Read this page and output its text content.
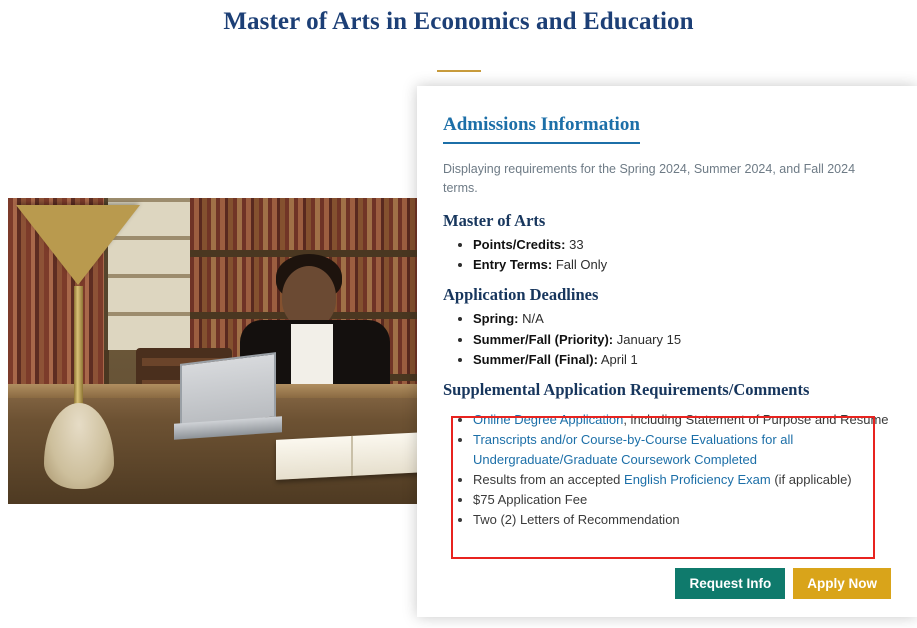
Master of Arts in Economics and Education
Admissions Information

Displaying requirements for the Spring 2024, Summer 2024, and Fall 2024 terms.

Master of Arts
• Points/Credits: 33
• Entry Terms: Fall Only
Application Deadlines
• Spring: N/A
• Summer/Fall (Priority): January 15
• Summer/Fall (Final): April 1
Supplemental Application Requirements/Comments
• Online Degree Application, including Statement of Purpose and Resume
• Transcripts and/or Course-by-Course Evaluations for all Undergraduate/Graduate Coursework Completed
• Results from an accepted English Proficiency Exam (if applicable)
• $75 Application Fee
• Two (2) Letters of Recommendation
Request Info	Apply Now
